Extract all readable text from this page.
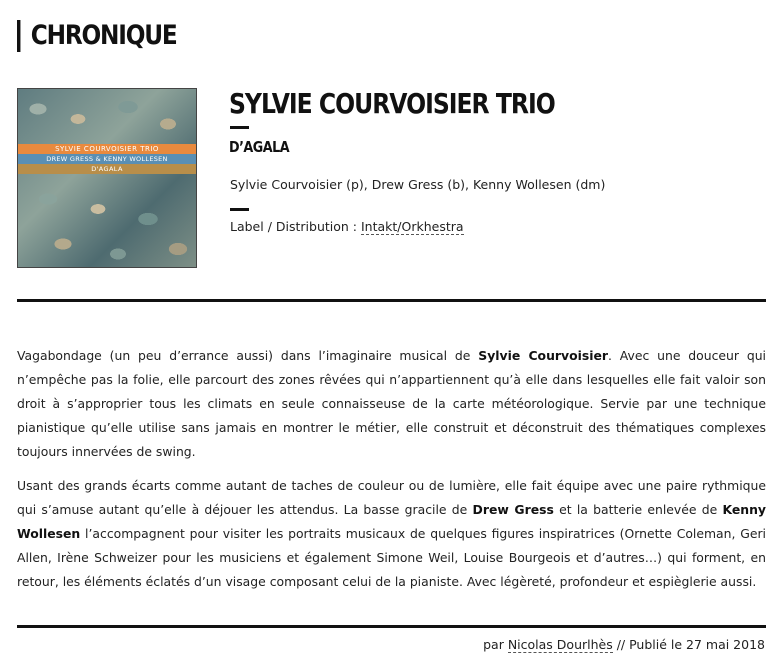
CHRONIQUE
SYLVIE COURVOISIER TRIO
DREW GRESS & KENNY WOLLESEN
D'AGALA
SYLVIE COURVOISIER TRIO
D’AGALA
Sylvie Courvoisier (p), Drew Gress (b), Kenny Wollesen (dm)
Label / Distribution : Intakt/Orkhestra

Vagabondage (un peu d’errance aussi) dans l’imaginaire musical de Sylvie Courvoisier. Avec une douceur qui n’empêche pas la folie, elle parcourt des zones rêvées qui n’appartiennent qu’à elle dans lesquelles elle fait valoir son droit à s’approprier tous les climats en seule connaisseuse de la carte météorologique. Servie par une technique pianistique qu’elle utilise sans jamais en montrer le métier, elle construit et déconstruit des thématiques complexes toujours innervées de swing.

Usant des grands écarts comme autant de taches de couleur ou de lumière, elle fait équipe avec une paire rythmique qui s’amuse autant qu’elle à déjouer les attendus. La basse gracile de Drew Gress et la batterie enlevée de Kenny Wollesen l’accompagnent pour visiter les portraits musicaux de quelques figures inspiratrices (Ornette Coleman, Geri Allen, Irène Schweizer pour les musiciens et également Simone Weil, Louise Bourgeois et d’autres…) qui forment, en retour, les éléments éclatés d’un visage composant celui de la pianiste. Avec légèreté, profondeur et espièglerie aussi.

par Nicolas Dourlhès // Publié le 27 mai 2018
